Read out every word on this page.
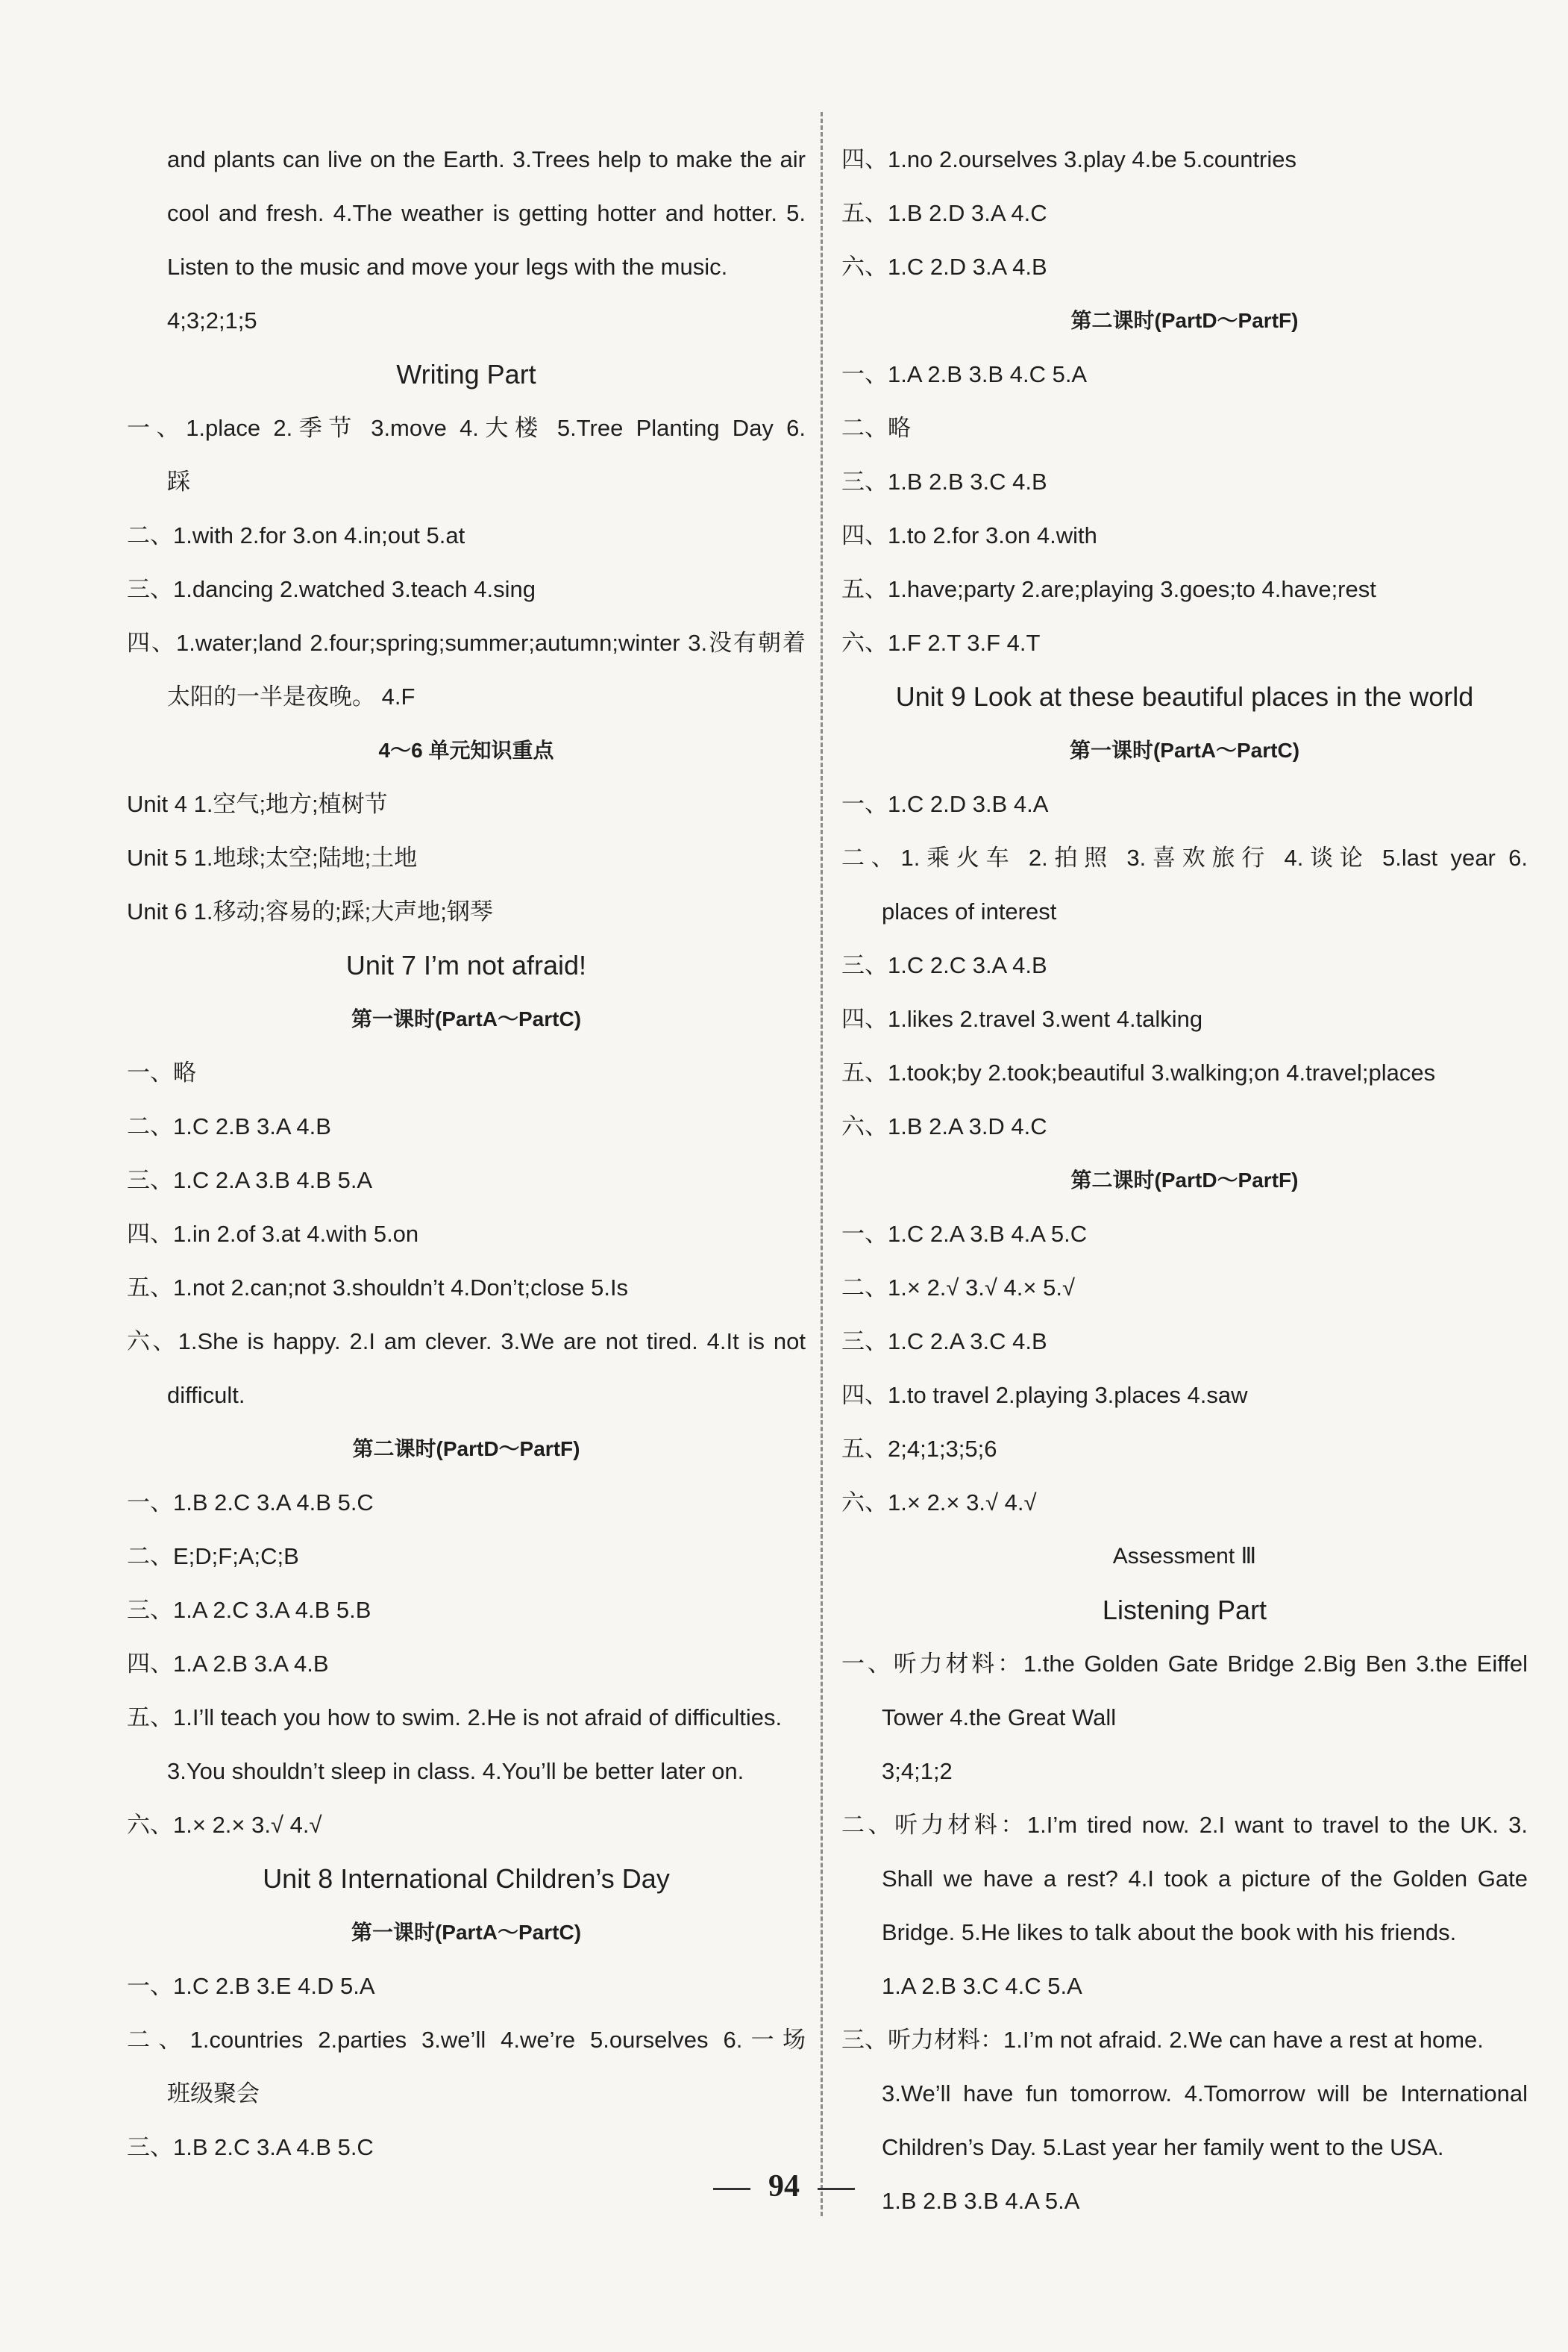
and plants can live on the Earth. 3.Trees help to make the air
cool and fresh. 4.The weather is getting hotter and hotter. 5.
Listen to the music and move your legs with the music.
4;3;2;1;5
Writing Part
一、1.place 2.季节 3.move 4.大楼 5.Tree Planting Day 6.
踩
二、1.with 2.for 3.on 4.in;out 5.at
三、1.dancing 2.watched 3.teach 4.sing
四、1.water;land 2.four;spring;summer;autumn;winter 3.没有朝着
太阳的一半是夜晚。 4.F
4～6 单元知识重点
Unit 4 1.空气;地方;植树节
Unit 5 1.地球;太空;陆地;土地
Unit 6 1.移动;容易的;踩;大声地;钢琴
Unit 7 I’m not afraid!
第一课时(PartA～PartC)
一、略
二、1.C 2.B 3.A 4.B
三、1.C 2.A 3.B 4.B 5.A
四、1.in 2.of 3.at 4.with 5.on
五、1.not 2.can;not 3.shouldn’t 4.Don’t;close 5.Is
六、1.She is happy. 2.I am clever. 3.We are not tired. 4.It is not
difficult.
第二课时(PartD～PartF)
一、1.B 2.C 3.A 4.B 5.C
二、E;D;F;A;C;B
三、1.A 2.C 3.A 4.B 5.B
四、1.A 2.B 3.A 4.B
五、1.I’ll teach you how to swim. 2.He is not afraid of difficulties.
3.You shouldn’t sleep in class. 4.You’ll be better later on.
六、1.× 2.× 3.√ 4.√
Unit 8 International Children’s Day
第一课时(PartA～PartC)
一、1.C 2.B 3.E 4.D 5.A
二、1.countries 2.parties 3.we’ll 4.we’re 5.ourselves 6.一场
班级聚会
三、1.B 2.C 3.A 4.B 5.C
四、1.no 2.ourselves 3.play 4.be 5.countries
五、1.B 2.D 3.A 4.C
六、1.C 2.D 3.A 4.B
第二课时(PartD～PartF)
一、1.A 2.B 3.B 4.C 5.A
二、略
三、1.B 2.B 3.C 4.B
四、1.to 2.for 3.on 4.with
五、1.have;party 2.are;playing 3.goes;to 4.have;rest
六、1.F 2.T 3.F 4.T
Unit 9 Look at these beautiful places in the world
第一课时(PartA～PartC)
一、1.C 2.D 3.B 4.A
二、1.乘火车 2.拍照 3.喜欢旅行 4.谈论 5.last year 6.
places of interest
三、1.C 2.C 3.A 4.B
四、1.likes 2.travel 3.went 4.talking
五、1.took;by 2.took;beautiful 3.walking;on 4.travel;places
六、1.B 2.A 3.D 4.C
第二课时(PartD～PartF)
一、1.C 2.A 3.B 4.A 5.C
二、1.× 2.√ 3.√ 4.× 5.√
三、1.C 2.A 3.C 4.B
四、1.to travel 2.playing 3.places 4.saw
五、2;4;1;3;5;6
六、1.× 2.× 3.√ 4.√
Assessment Ⅲ
Listening Part
一、听力材料：1.the Golden Gate Bridge 2.Big Ben 3.the Eiffel
Tower 4.the Great Wall
3;4;1;2
二、听力材料：1.I’m tired now. 2.I want to travel to the UK. 3.
Shall we have a rest? 4.I took a picture of the Golden Gate
Bridge. 5.He likes to talk about the book with his friends.
1.A 2.B 3.C 4.C 5.A
三、听力材料：1.I’m not afraid. 2.We can have a rest at home.
3.We’ll have fun tomorrow. 4.Tomorrow will be International
Children’s Day. 5.Last year her family went to the USA.
1.B 2.B 3.B 4.A 5.A
94
